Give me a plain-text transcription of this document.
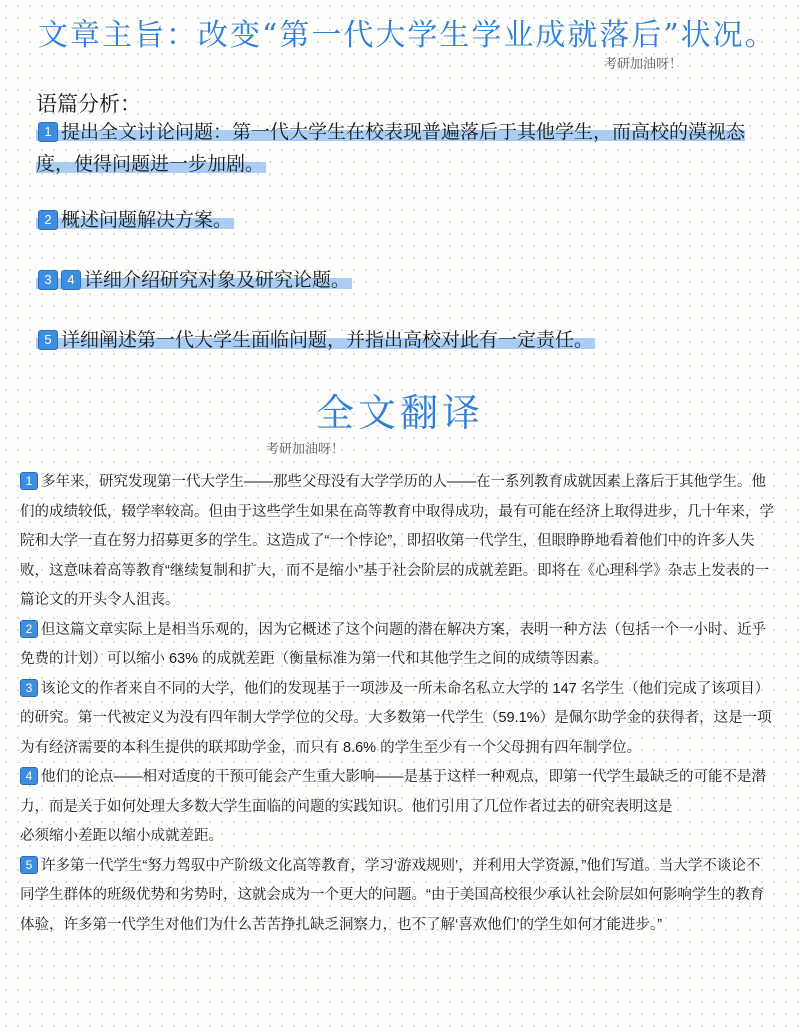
文章主旨：改变“第一代大学生学业成就落后”状况。
考研加油呀！
语篇分析：
1 提出全文讨论问题：第一代大学生在校表现普遍落后于其他学生，而高校的漠视态度，使得问题进一步加剧。
2 概述问题解决方案。
3 4 详细介绍研究对象及研究论题。
5 详细阐述第一代大学生面临问题，并指出高校对此有一定责任。
全文翻译
考研加油呀！

1 多年来，研究发现第一代大学生——那些父母没有大学学历的人——在一系列教育成就因素上落后于其他学生。他们的成绩较低，辍学率较高。但由于这些学生如果在高等教育中取得成功，最有可能在经济上取得进步，几十年来，学院和大学一直在努力招募更多的学生。这造成了“一个悖论”，即招收第一代学生，但眼睁睁地看着他们中的许多人失败，这意味着高等教育“继续复制和扩大，而不是缩小”基于社会阶层的成就差距。即将在《心理科学》杂志上发表的一篇论文的开头令人沮丧。

2 但这篇文章实际上是相当乐观的，因为它概述了这个问题的潜在解决方案，表明一种方法（包括一个一小时、近乎免费的计划）可以缩小 63% 的成就差距（衡量标准为第一代和其他学生之间的成绩等因素。

3 该论文的作者来自不同的大学，他们的发现基于一项涉及一所未命名私立大学的 147 名学生（他们完成了该项目）的研究。第一代被定义为没有四年制大学学位的父母。大多数第一代学生（59.1%）是佩尔助学金的获得者，这是一项为有经济需要的本科生提供的联邦助学金，而只有 8.6% 的学生至少有一个父母拥有四年制学位。

4 他们的论点——相对适度的干预可能会产生重大影响——是基于这样一种观点，即第一代学生最缺乏的可能不是潜力，而是关于如何处理大多数大学生面临的问题的实践知识。他们引用了几位作者过去的研究表明这是

必须缩小差距以缩小成就差距。

5 许多第一代学生“努力驾驭中产阶级文化高等教育，学习‘游戏规则’，并利用大学资源，”他们写道。当大学不谈论不同学生群体的班级优势和劣势时，这就会成为一个更大的问题。“由于美国高校很少承认社会阶层如何影响学生的教育体验，许多第一代学生对他们为什么苦苦挣扎缺乏洞察力，也不了解‘喜欢他们’的学生如何才能进步。”
